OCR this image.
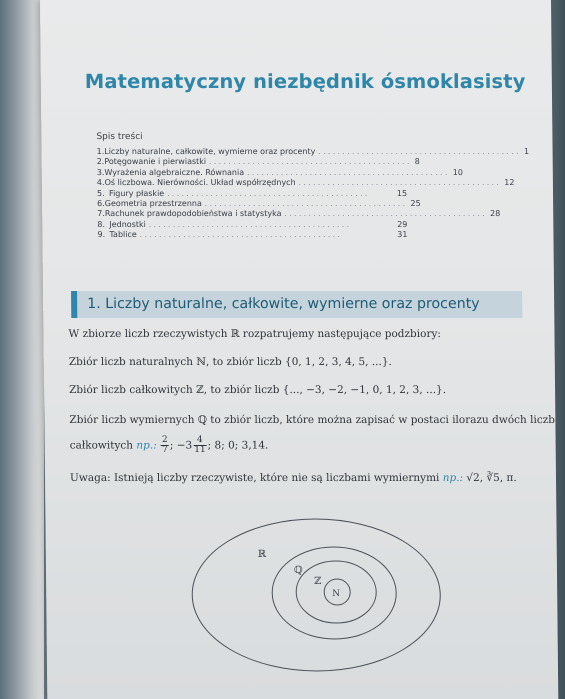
Matematyczny niezbędnik ósmoklasisty
Spis treści
1. Liczby naturalne, całkowite, wymierne oraz procenty .......................................... 1
2. Potęgowanie i pierwiastki .......................................... 8
3. Wyrażenia algebraiczne. Równania .......................................... 10
4. Oś liczbowa. Nierówności. Układ współrzędnych .......................................... 12
5. Figury płaskie ..........................................	15
6. Geometria przestrzenna .......................................... 25
7. Rachunek prawdopodobieństwa i statystyka .......................................... 28
8. Jednostki ..........................................	29
9. Tablice ..........................................	31
1. Liczby naturalne, całkowite, wymierne oraz procenty
W zbiorze liczb rzeczywistych ℝ rozpatrujemy następujące podzbiory:
Zbiór liczb naturalnych ℕ, to zbiór liczb {0, 1, 2, 3, 4, 5, ...}.
Zbiór liczb całkowitych ℤ, to zbiór liczb {..., −3, −2, −1, 0, 1, 2, 3, ...}.
Zbiór liczb wymiernych ℚ to zbiór liczb, które można zapisać w postaci ilorazu dwóch liczb
całkowitych np.: $\frac{2}{7}$ ; $-3 \frac{4}{11}$ ; 8; 0; 3,14.
Uwaga: Istnieją liczby rzeczywiste, które nie są liczbami wymiernymi np.: √2, ∛5, π.
ℝ
ℚ
ℤ
N
